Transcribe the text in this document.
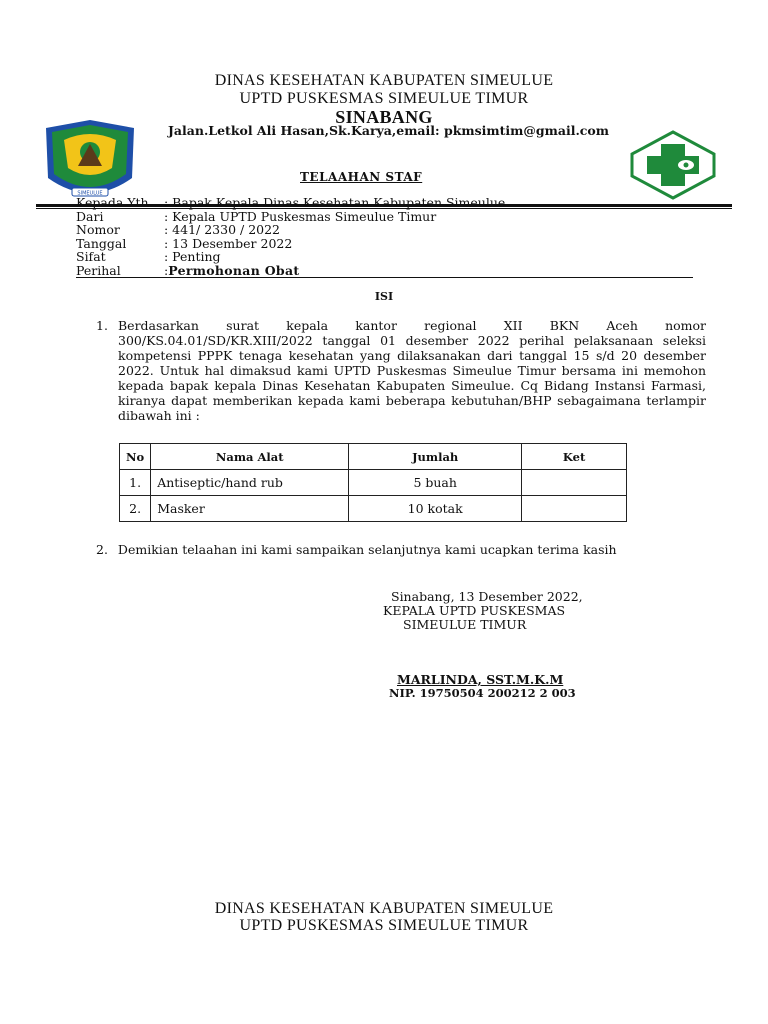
DINAS KESEHATAN KABUPATEN SIMEULUE
UPTD PUSKESMAS SIMEULUE TIMUR
SINABANG
Jalan.Letkol Ali Hasan,Sk.Karya,email: pkmsimtim@gmail.com
SIMEULUE
TELAAHAN STAF
Kepada Yth	: Bapak Kepala Dinas Kesehatan Kabupaten Simeulue
Dari	: Kepala UPTD Puskesmas Simeulue Timur
Nomor	: 441/ 2330 / 2022
Tanggal	: 13 Desember 2022
Sifat	: Penting
Perihal	: Permohonan Obat
ISI
1. Berdasarkan surat kepala kantor regional XII BKN Aceh nomor 300/KS.04.01/SD/KR.XIII/2022 tanggal 01 desember 2022 perihal pelaksanaan seleksi kompetensi PPPK tenaga kesehatan yang dilaksanakan dari tanggal 15 s/d 20 desember 2022. Untuk hal dimaksud kami UPTD Puskesmas Simeulue Timur bersama ini memohon kepada bapak kepala Dinas Kesehatan Kabupaten Simeulue. Cq Bidang Instansi Farmasi, kiranya dapat memberikan kepada kami beberapa kebutuhan/BHP sebagaimana terlampir dibawah ini :
No	Nama Alat	Jumlah	Ket
1.	Antiseptic/hand rub	5 buah	
2.	Masker	10 kotak	
2. Demikian telaahan ini kami sampaikan selanjutnya kami ucapkan terima kasih
Sinabang, 13 Desember 2022,
KEPALA UPTD PUSKESMAS
SIMEULUE TIMUR
MARLINDA, SST.M.K.M
NIP. 19750504 200212 2 003
DINAS KESEHATAN KABUPATEN SIMEULUE
UPTD PUSKESMAS SIMEULUE TIMUR
